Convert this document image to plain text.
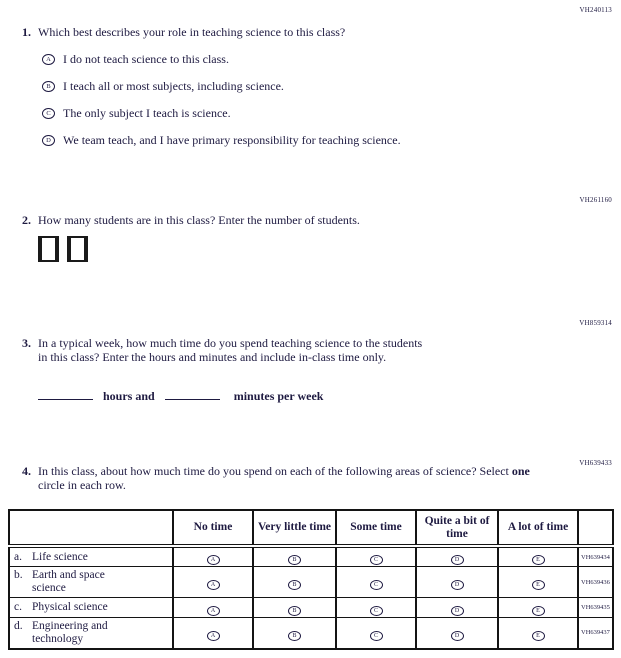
VH240113
VH261160
VH859314
VH639433
1. Which best describes your role in teaching science to this class?
A	I do not teach science to this class.
B	I teach all or most subjects, including science.
C	The only subject I teach is science.
D	We team teach, and I have primary responsibility for teaching science.
2. How many students are in this class? Enter the number of students.

3. In a typical week, how much time do you spend teaching science to the students
in this class? Enter the hours and minutes and include in-class time only.
hours and	minutes per week
4. In this class, about how much time do you spend on each of the following areas of science? Select one circle in each row.
	No time	Very little time	Some time	Quite a bit of time	A lot of time	

a. Life science	A	B	C	D	E	VH639434

b. Earth and space science	A	B	C	D	E	VH639436

c. Physical science	A	B	C	D	E	VH639435

d. Engineering and technology	A	B	C	D	E	VH639437
